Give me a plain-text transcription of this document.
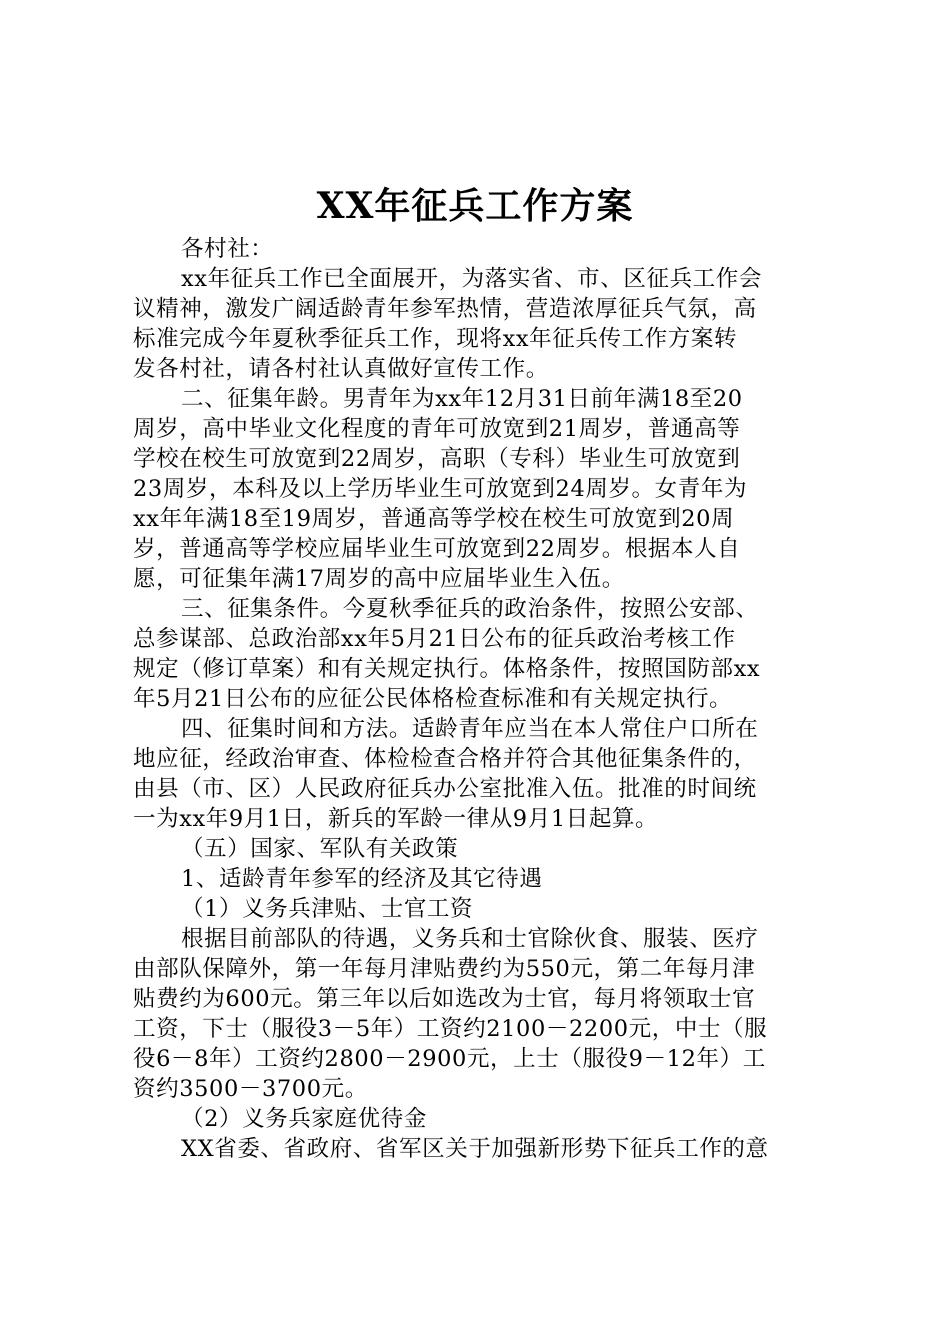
XX年征兵工作方案
各村社：
xx年征兵工作已全面展开，为落实省、市、区征兵工作会
议精神，激发广阔适龄青年参军热情，营造浓厚征兵气氛，高
标准完成今年夏秋季征兵工作，现将xx年征兵传工作方案转
发各村社，请各村社认真做好宣传工作。
二、征集年龄。男青年为xx年12月31日前年满18至20
周岁，高中毕业文化程度的青年可放宽到21周岁，普通高等
学校在校生可放宽到22周岁，高职（专科）毕业生可放宽到
23周岁，本科及以上学历毕业生可放宽到24周岁。女青年为
xx年年满18至19周岁，普通高等学校在校生可放宽到20周
岁，普通高等学校应届毕业生可放宽到22周岁。根据本人自
愿，可征集年满17周岁的高中应届毕业生入伍。
三、征集条件。今夏秋季征兵的政治条件，按照公安部、
总参谋部、总政治部xx年5月21日公布的征兵政治考核工作
规定（修订草案）和有关规定执行。体格条件，按照国防部xx
年5月21日公布的应征公民体格检查标准和有关规定执行。
四、征集时间和方法。适龄青年应当在本人常住户口所在
地应征，经政治审查、体检检查合格并符合其他征集条件的，
由县（市、区）人民政府征兵办公室批准入伍。批准的时间统
一为xx年9月1日，新兵的军龄一律从9月1日起算。
（五）国家、军队有关政策
1、适龄青年参军的经济及其它待遇
（1）义务兵津贴、士官工资
根据目前部队的待遇，义务兵和士官除伙食、服装、医疗
由部队保障外，第一年每月津贴费约为550元，第二年每月津
贴费约为600元。第三年以后如选改为士官，每月将领取士官
工资，下士（服役3－5年）工资约2100－2200元，中士（服
役6－8年）工资约2800－2900元，上士（服役9－12年）工
资约3500－3700元。
（2）义务兵家庭优待金
XX省委、省政府、省军区关于加强新形势下征兵工作的意
